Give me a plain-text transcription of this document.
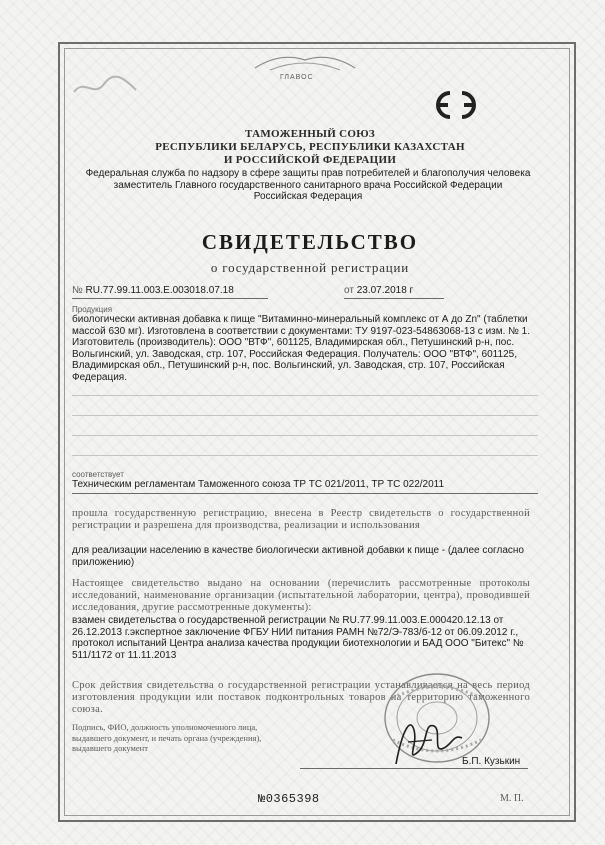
ГЛАВОС
ТАМОЖЕННЫЙ СОЮЗ
РЕСПУБЛИКИ БЕЛАРУСЬ, РЕСПУБЛИКИ КАЗАХСТАН
И РОССИЙСКОЙ ФЕДЕРАЦИИ
Федеральная служба по надзору в сфере защиты прав потребителей и благополучия человека
заместитель Главного государственного санитарного врача Российской Федерации
Российская Федерация
СВИДЕТЕЛЬСТВО
о государственной регистрации
№ RU.77.99.11.003.Е.003018.07.18	от 23.07.2018 г
Продукция
биологически активная добавка к пище "Витаминно-минеральный комплекс от А до Zn" (таблетки массой 630 мг). Изготовлена в соответствии с документами: ТУ 9197-023-54863068-13 с изм. № 1. Изготовитель (производитель): ООО "ВТФ", 601125, Владимирская обл., Петушинский р-н, пос. Вольгинский, ул. Заводская, стр. 107, Российская Федерация. Получатель: ООО "ВТФ", 601125, Владимирская обл., Петушинский р-н, пос. Вольгинский, ул. Заводская, стр. 107, Российская Федерация.
соответствует
Техническим регламентам Таможенного союза ТР ТС 021/2011, ТР ТС 022/2011
прошла государственную регистрацию, внесена в Реестр свидетельств о государственной регистрации и разрешена для производства, реализации и использования
для реализации населению в качестве биологически активной добавки к пище - (далее согласно приложению)
Настоящее свидетельство выдано на основании (перечислить рассмотренные протоколы исследований, наименование организации (испытательной лаборатории, центра), проводившей исследования, другие рассмотренные документы):
взамен свидетельства о государственной регистрации № RU.77.99.11.003.Е.000420.12.13 от 26.12.2013 г.экспертное заключение ФГБУ НИИ питания РАМН №72/Э-783/б-12 от 06.09.2012 г., протокол испытаний Центра анализа качества продукции биотехнологии и БАД ООО "Битекс" № 511/1172 от 11.11.2013
Срок действия свидетельства о государственной регистрации устанавливается на весь период изготовления продукции или поставок подконтрольных товаров на территорию таможенного союза.
Подпись, ФИО, должность уполномоченного лица,
выдавшего документ, и печать органа (учреждения),
выдавшего документ
Б.П. Кузькин
№0365398	М. П.
